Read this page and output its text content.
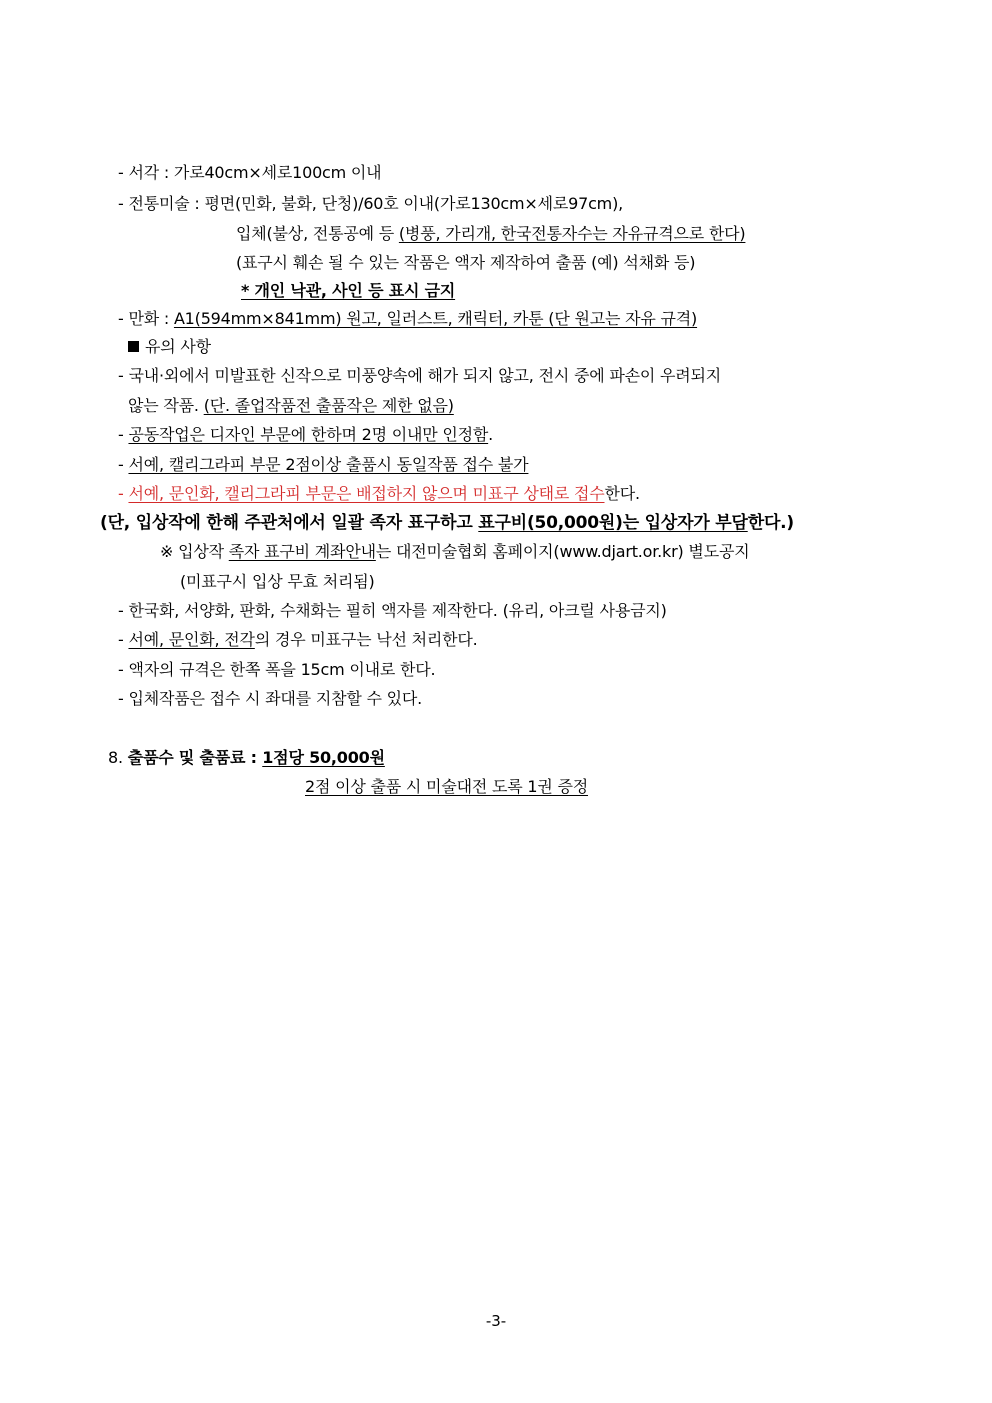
- 서각 : 가로40cm×세로100cm 이내
- 전통미술 : 평면(민화, 불화, 단청)/60호 이내(가로130cm×세로97cm),
입체(불상, 전통공예 등 (병풍, 가리개, 한국전통자수는 자유규격으로 한다)
(표구시 훼손 될 수 있는 작품은 액자 제작하여 출품 (예) 석채화 등)
* 개인 낙관, 사인 등 표시 금지
- 만화 : A1(594mm×841mm) 원고, 일러스트, 캐릭터, 카툰 (단 원고는 자유 규격)
유의 사항
- 국내·외에서 미발표한 신작으로 미풍양속에 해가 되지 않고, 전시 중에 파손이 우려되지
않는 작품. (단. 졸업작품전 출품작은 제한 없음)
- 공동작업은 디자인 부문에 한하며 2명 이내만 인정함.
- 서예, 캘리그라피 부문 2점이상 출품시 동일작품 접수 불가
- 서예, 문인화, 캘리그라피 부문은 배접하지 않으며 미표구 상태로 접수한다.
(단, 입상작에 한해 주관처에서 일괄 족자 표구하고 표구비(50,000원)는 입상자가 부담한다.)
※ 입상작 족자 표구비 계좌안내는 대전미술협회 홈페이지(www.djart.or.kr) 별도공지
(미표구시 입상 무효 처리됨)
- 한국화, 서양화, 판화, 수채화는 필히 액자를 제작한다. (유리, 아크릴 사용금지)
- 서예, 문인화, 전각의 경우 미표구는 낙선 처리한다.
- 액자의 규격은 한쪽 폭을 15cm 이내로 한다.
- 입체작품은 접수 시 좌대를 지참할 수 있다.
8. 출품수 및 출품료 : 1점당 50,000원
2점 이상 출품 시 미술대전 도록 1권 증정
-3-
